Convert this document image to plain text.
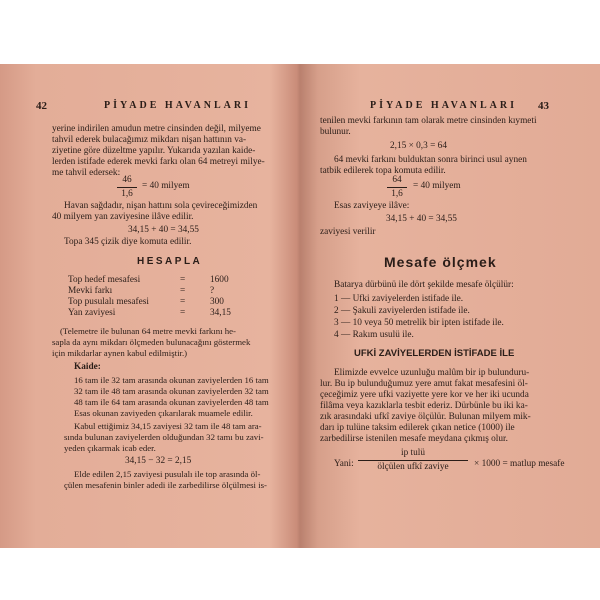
42	PİYADE HAVANLARI
yerine indirilen amudun metre cinsinden değil, milyeme
tahvil ederek bulacağımız mikdarı nişan hattının va-
ziyetine göre düzeltme yapılır. Yukarıda yazılan kaide-
lerden istifade ederek mevki farkı olan 64 metreyi milye-
me tahvil edersek:
46
1,6
= 40 milyem
Havan sağdadır, nişan hattını sola çevireceğimizden
40 milyem yan zaviyesine ilâve edilir.
34,15 + 40 = 34,55
Topa 345 çizik diye komuta edilir.
HESAPLA
Top hedef mesafesi	=	1600
Mevki farkı	=	?
Top pusulalı mesafesi	=	300
Yan zaviyesi	=	34,15
(Telemetre ile bulunan 64 metre mevki farkını he-
sapla da aynı mikdarı ölçmeden bulunacağını göstermek
için mikdarlar aynen kabul edilmiştir.)
Kaide:
16 tam ile 32 tam arasında okunan zaviyelerden 16 tam
32 tam ile 48 tam arasında okunan zaviyelerden 32 tam
48 tam ile 64 tam arasında okunan zaviyelerden 48 tam
Esas okunan zaviyeden çıkarılarak muamele edilir.
Kabul ettiğimiz 34,15 zaviyesi 32 tam ile 48 tam ara-
sında bulunan zaviyelerden olduğundan 32 tamı bu zavi-
yeden çıkarmak icab eder.
34,15 − 32 = 2,15
Elde edilen 2,15 zaviyesi pusulalı ile top arasında öl-
çülen mesafenin binler adedi ile zarbedilirse ölçülmesi is-
PİYADE HAVANLARI 43
tenilen mevki farkının tam olarak metre cinsinden kıymeti
bulunur.
2,15 × 0,3 = 64
64 mevki farkını bulduktan sonra birinci usul aynen
tatbik edilerek topa komuta edilir.
64
1,6
= 40 milyem
Esas zaviyeye ilâve:
34,15 + 40 = 34,55
zaviyesi verilir
Mesafe ölçmek
Batarya dürbünü ile dört şekilde mesafe ölçülür:
1 — Ufki zaviyelerden istifade ile.
2 — Şakuli zaviyelerden istifade ile.
3 — 10 veya 50 metrelik bir ipten istifade ile.
4 — Rakım usulü ile.
UFKİ ZAVİYELERDEN İSTİFADE İLE
Elimizde evvelce uzunluğu malûm bir ip bulunduru-
lur. Bu ip bulunduğumuz yere amut fakat mesafesini öl-
çeceğimiz yere ufki vaziyette yere kor ve her iki ucunda
filâma veya kazıklarla tesbit ederiz. Dürbünle bu iki ka-
zık arasındaki ufkî zaviye ölçülür. Bulunan milyem mik-
darı ip tulüne taksim edilerek çıkan netice (1000) ile
zarbedilirse istenilen mesafe meydana çıkmış olur.
Yani:
ip tulü
ölçülen ufkî zaviye	× 1000 = matlup mesafe
